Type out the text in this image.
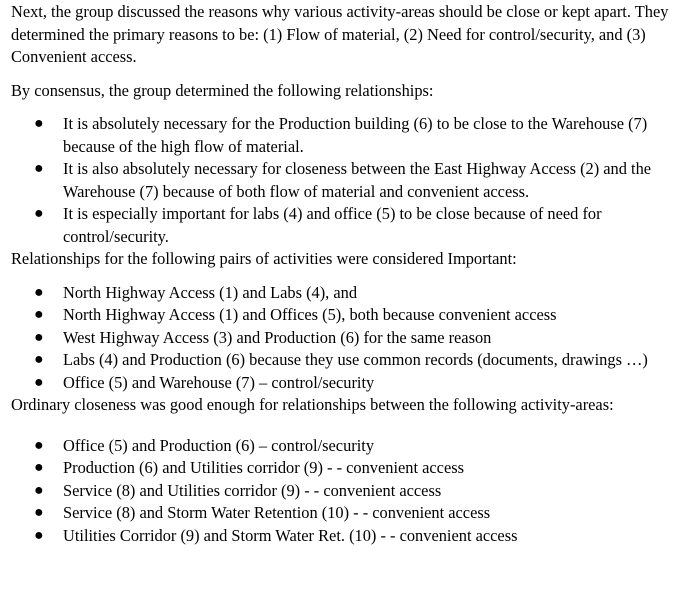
Next, the group discussed the reasons why various activity-areas should be close or kept apart. They determined the primary reasons to be: (1) Flow of material, (2) Need for control/security, and (3) Convenient access.

By consensus, the group determined the following relationships:

● It is absolutely necessary for the Production building (6) to be close to the Warehouse (7) because of the high flow of material.
● It is also absolutely necessary for closeness between the East Highway Access (2) and the Warehouse (7) because of both flow of material and convenient access.
● It is especially important for labs (4) and office (5) to be close because of need for control/security.

Relationships for the following pairs of activities were considered Important:

● North Highway Access (1) and Labs (4), and
● North Highway Access (1) and Offices (5), both because convenient access
● West Highway Access (3) and Production (6) for the same reason
● Labs (4) and Production (6) because they use common records (documents, drawings …)
● Office (5) and Warehouse (7) – control/security

Ordinary closeness was good enough for relationships between the following activity-areas:

● Office (5) and Production (6) – control/security
● Production (6) and Utilities corridor (9) - - convenient access
● Service (8) and Utilities corridor (9) - - convenient access
● Service (8) and Storm Water Retention (10) - - convenient access
● Utilities Corridor (9) and Storm Water Ret. (10) - - convenient access
